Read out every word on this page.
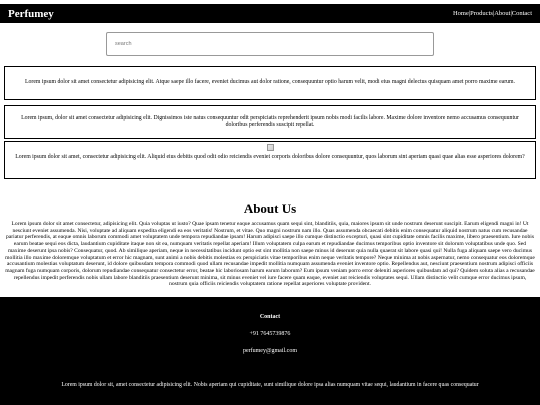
Perfumey	Home | Products | About | Contact
search

Lorem ipsum dolor sit amet consectetur adipisicing elit. Atque saepe illo facere, eveniet ducimus aut dolor ratione, consequuntur optio harum velit, modi eius magni delectus quisquam amet porro maxime earum.

Lorem ipsum, dolor sit amet consectetur adipisicing elit. Dignissimos iste natus consequuntur odit perspiciatis reprehenderit ipsum nobis modi facilis labore. Maxime dolore inventore nemo accusamus consequuntur doloribus perferendis suscipit repellat.

Lorem ipsum dolor sit amet, consectetur adipisicing elit. Aliquid eius debitis quod odit odio reiciendis eveniet corporis doloribus dolore consequuntur, quos laborum sint aperiam quasi quae alias esse asperiores dolorem?

About Us

Lorem ipsum dolor sit amet consectetur, adipisicing elit. Quia voluptas ut iusto? Quae ipsam tenetur eaque accusamus quam sequi sint, blanditiis, quia, maiores ipsum sit unde nostrum deserunt suscipit. Earum eligendi magni in! Ut nesciunt eveniet assumenda. Nisi, voluptate ad aliquam expedita eligendi ea eos veritatis! Nostrum, et vitae. Quo magni nostrum nam illo. Quas assumenda obcaecati debitis enim consequatur aliquid nostrum natus cum recusandae pariatur perferendis, at eaque omnis laborum commodi amet voluptatem unde tempora repudiandae ipsam! Harum adipisci saepe illo cumque distinctio excepturi, quasi sint cupiditate omnis facilis maxime, libero praesentium. Iure nobis earum beatae sequi eos dicta, laudantium cupiditate itaque non sit ea, numquam veritatis repellat aperiam! Illum voluptatem culpa earum et repudiandae ducimus temporibus optio inventore sit dolorum voluptatibus unde quo. Sed maxime deserunt ipsa nobis? Consequatur, quod. Ab similique aperiam, neque in necessitatibus incidunt optio est sint mollitia non saepe minus id deserunt quia nulla quaerat sit labore quasi qui! Nulla fuga aliquam saepe vero ducimus mollitia illo maxime doloremque voluptatum et error hic magnam, sunt animi a nobis debitis molestias ex perspiciatis vitae temporibus enim neque veritatis tempore? Neque minima at nobis aspernatur, nemo consequatur eos doloremque accusantium molestias voluptatum deserunt, id dolore quibusdam tempora commodi quod ullam recusandae impedit mollitia numquam assumenda eveniet inventore optio. Repellendus aut, nesciunt praesentium nostrum adipisci officiis magnam fuga numquam corporis, dolorum repudiandae consequatur consectetur error, beatae hic laboriosam harum earum laborum? Eum ipsum veniam porro error deleniti asperiores quibusdam ad qui? Quidem soluta alias a recusandae repellendus impedit perferendis nobis ullam labore blanditiis praesentium deserunt minima, sit minus eveniet vel iure facere quam eaque, eveniet aut reiciendis voluptates sequi. Ullam distinctio velit cumque error ducimus ipsum, nostrum quia officiis reiciendis voluptatem ratione repellat asperiores voluptate provident.

Contact
+91 7645739876
perfumey@gmail.com
Lorem ipsum dolor sit, amet consectetur adipisicing elit. Nobis aperiam qui cupiditate, sunt similique dolore ipsa alias numquam vitae sequi, laudantium in facere quas consequatur
